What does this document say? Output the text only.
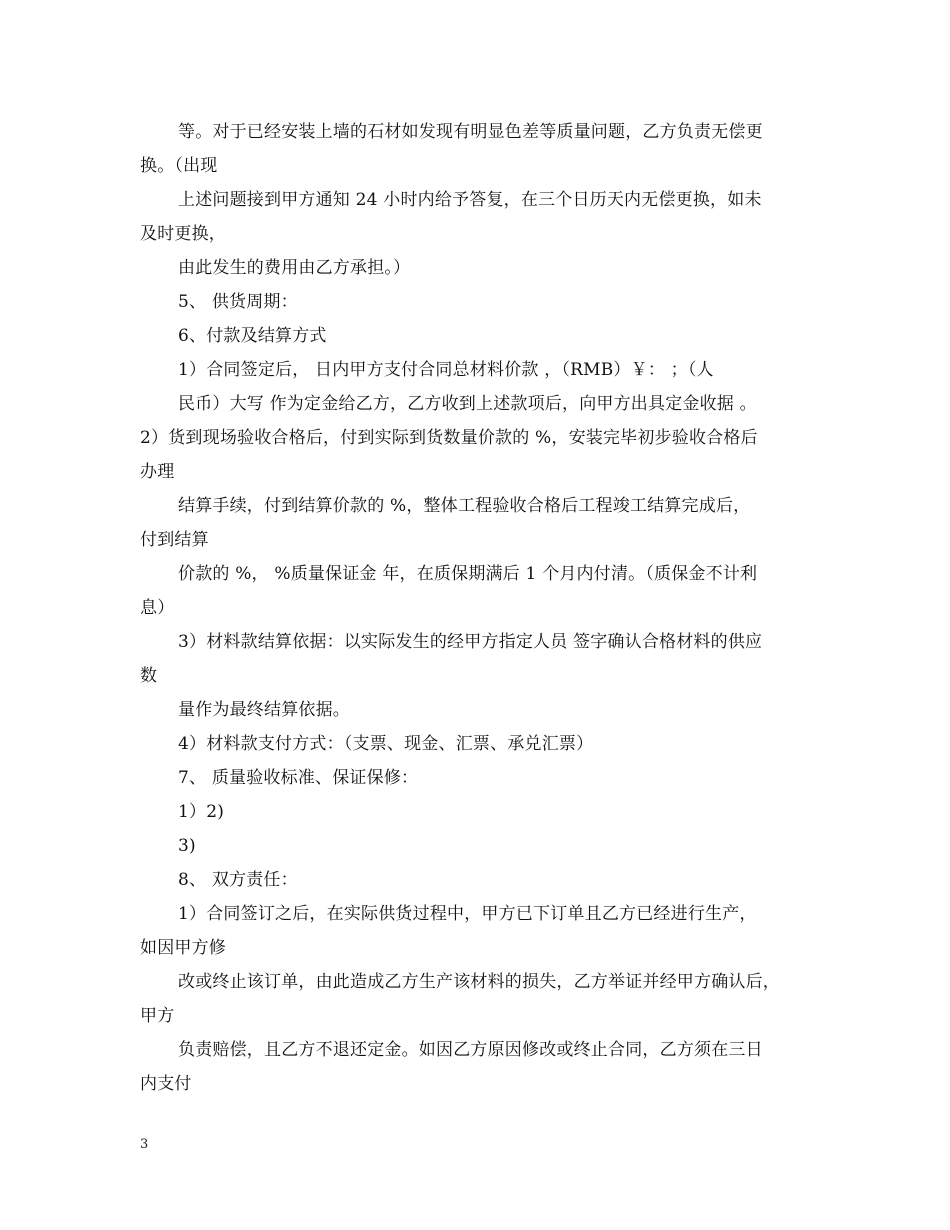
等。对于已经安装上墙的石材如发现有明显色差等质量问题，乙方负责无偿更
换。（出现
上述问题接到甲方通知 24 小时内给予答复，在三个日历天内无偿更换，如未
及时更换，
由此发生的费用由乙方承担。）
5、 供货周期：
6、付款及结算方式
1）合同签定后， 日内甲方支付合同总材料价款 ，（RMB）￥： ；（人
民币）大写 作为定金给乙方，乙方收到上述款项后，向甲方出具定金收据 。
2）货到现场验收合格后，付到实际到货数量价款的 %，安装完毕初步验收合格后
办理
结算手续，付到结算价款的 %，整体工程验收合格后工程竣工结算完成后，
付到结算
价款的 %， %质量保证金 年，在质保期满后 1 个月内付清。（质保金不计利
息）
3）材料款结算依据：以实际发生的经甲方指定人员 签字确认合格材料的供应
数
量作为最终结算依据。
4）材料款支付方式：（支票、现金、汇票、承兑汇票）
7、 质量验收标准、保证保修：
1）2)
3)
8、 双方责任：
1）合同签订之后，在实际供货过程中，甲方已下订单且乙方已经进行生产，
如因甲方修
改或终止该订单，由此造成乙方生产该材料的损失，乙方举证并经甲方确认后，
甲方
负责赔偿，且乙方不退还定金。如因乙方原因修改或终止合同，乙方须在三日
内支付
3
